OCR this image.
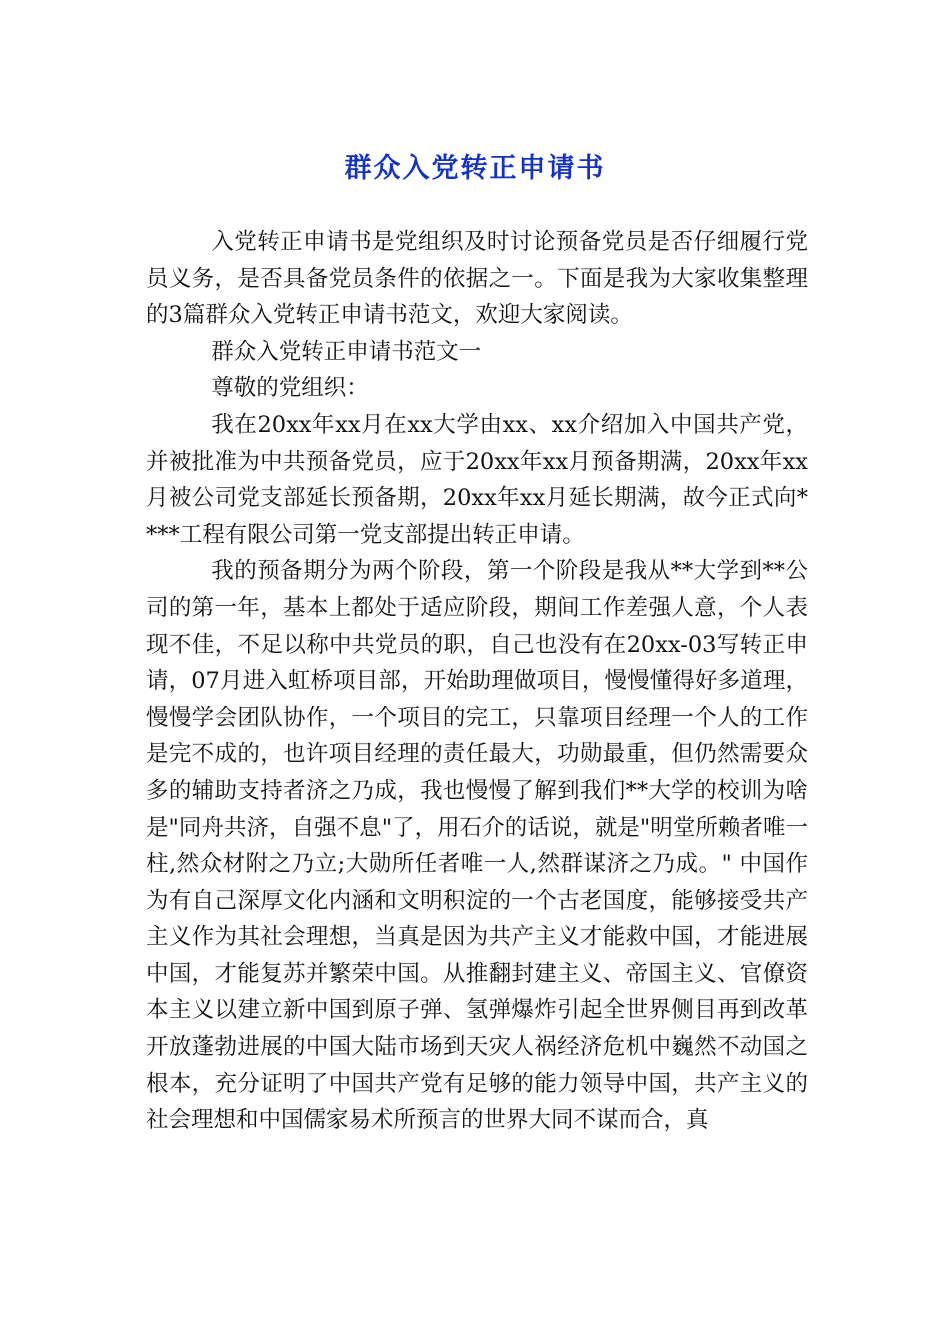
群众入党转正申请书

入党转正申请书是党组织及时讨论预备党员是否仔细履行党员义务，是否具备党员条件的依据之一。下面是我为大家收集整理的3篇群众入党转正申请书范文，欢迎大家阅读。

群众入党转正申请书范文一

尊敬的党组织：

我在20xx年xx月在xx大学由xx、xx介绍加入中国共产党，并被批准为中共预备党员，应于20xx年xx月预备期满，20xx年xx月被公司党支部延长预备期，20xx年xx月延长期满，故今正式向****工程有限公司第一党支部提出转正申请。

我的预备期分为两个阶段，第一个阶段是我从**大学到**公司的第一年，基本上都处于适应阶段，期间工作差强人意，个人表现不佳，不足以称中共党员的职，自己也没有在20xx-03写转正申请，07月进入虹桥项目部，开始助理做项目，慢慢懂得好多道理，慢慢学会团队协作，一个项目的完工，只靠项目经理一个人的工作是完不成的，也许项目经理的责任最大，功勋最重，但仍然需要众多的辅助支持者济之乃成，我也慢慢了解到我们**大学的校训为啥是"同舟共济，自强不息"了，用石介的话说，就是"明堂所赖者唯一柱,然众材附之乃立;大勋所任者唯一人,然群谋济之乃成。" 中国作为有自己深厚文化内涵和文明积淀的一个古老国度，能够接受共产主义作为其社会理想，当真是因为共产主义才能救中国，才能进展中国，才能复苏并繁荣中国。从推翻封建主义、帝国主义、官僚资本主义以建立新中国到原子弹、氢弹爆炸引起全世界侧目再到改革开放蓬勃进展的中国大陆市场到天灾人祸经济危机中巍然不动国之根本，充分证明了中国共产党有足够的能力领导中国，共产主义的社会理想和中国儒家易术所预言的世界大同不谋而合，真
